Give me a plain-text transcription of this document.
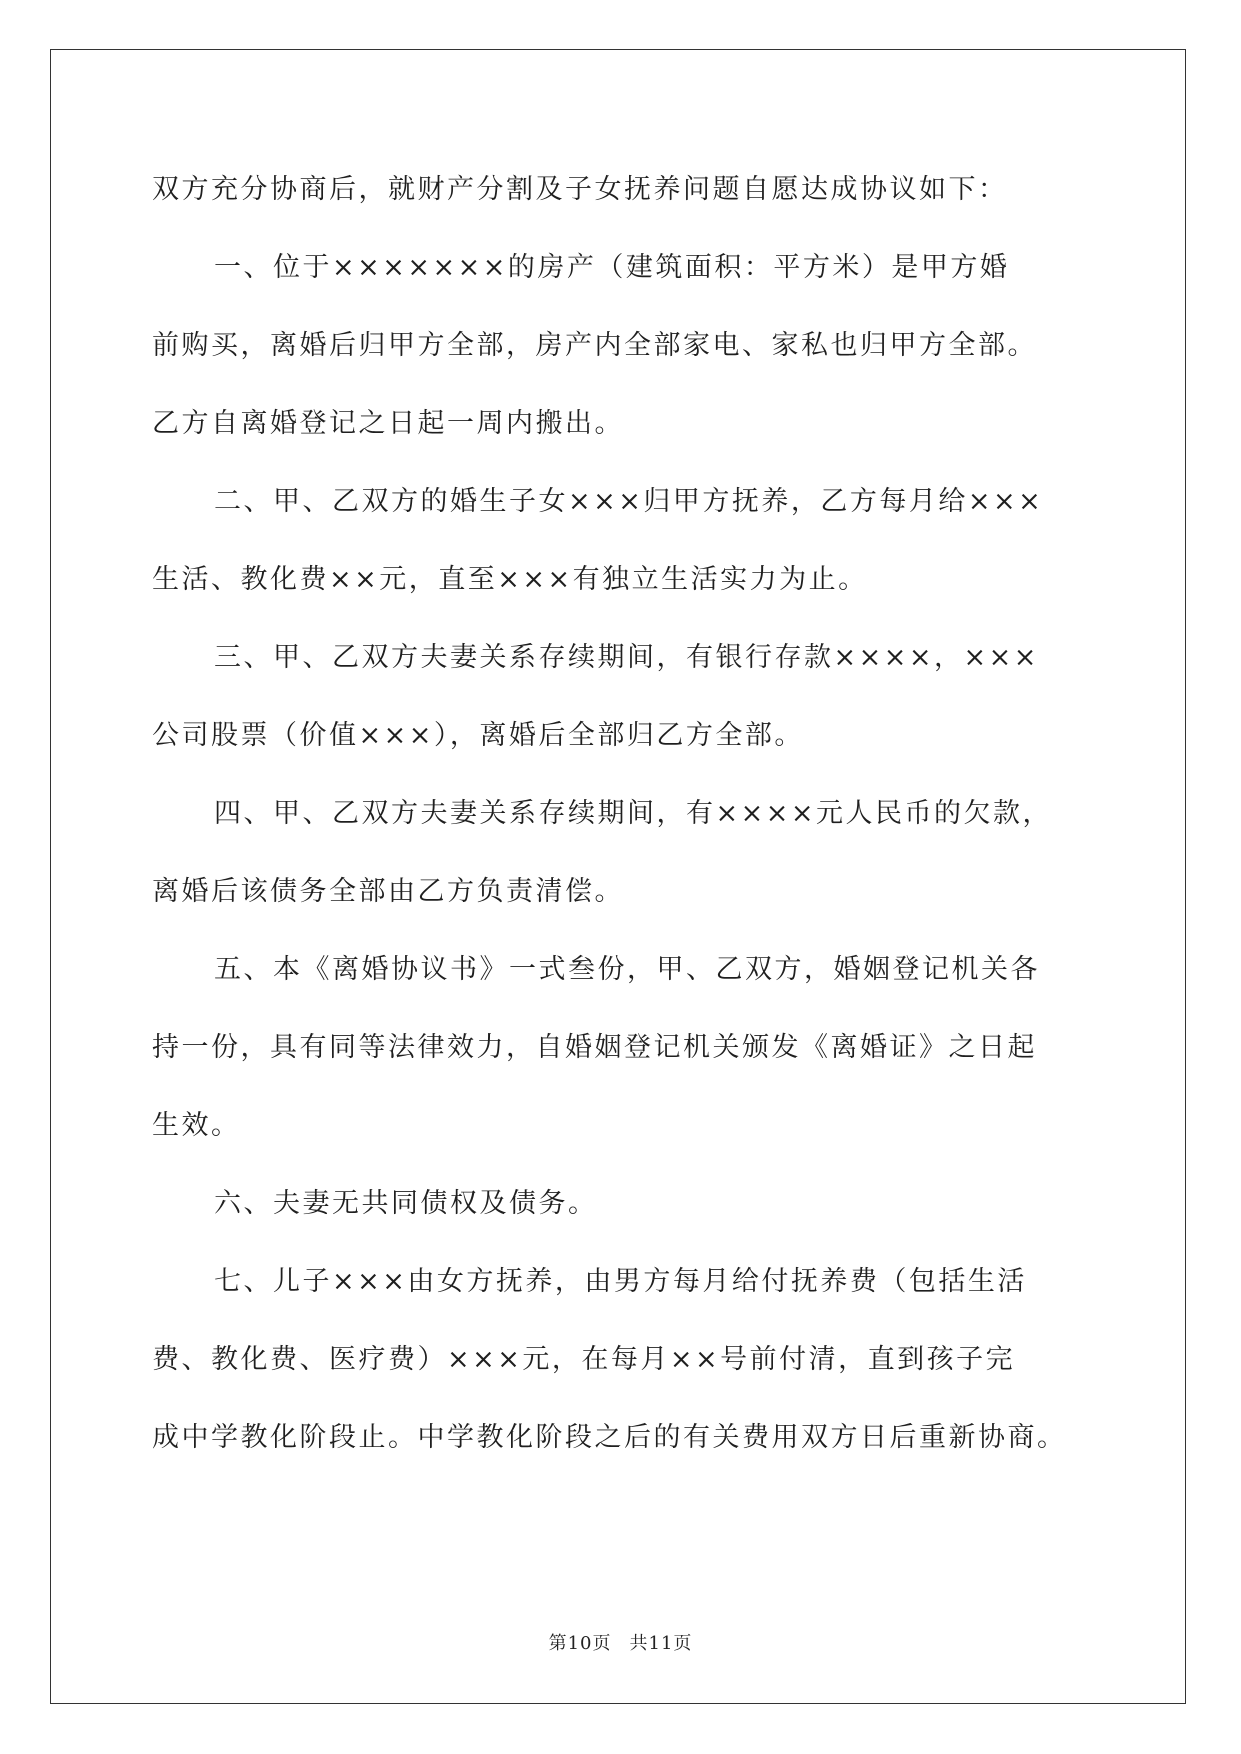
双方充分协商后，就财产分割及子女抚养问题自愿达成协议如下：
一、位于×××××××的房产（建筑面积：平方米）是甲方婚
前购买，离婚后归甲方全部，房产内全部家电、家私也归甲方全部。
乙方自离婚登记之日起一周内搬出。
二、甲、乙双方的婚生子女×××归甲方抚养，乙方每月给×××
生活、教化费××元，直至×××有独立生活实力为止。
三、甲、乙双方夫妻关系存续期间，有银行存款××××，×××
公司股票（价值×××），离婚后全部归乙方全部。
四、甲、乙双方夫妻关系存续期间，有××××元人民币的欠款，
离婚后该债务全部由乙方负责清偿。
五、本《离婚协议书》一式叁份，甲、乙双方，婚姻登记机关各
持一份，具有同等法律效力，自婚姻登记机关颁发《离婚证》之日起
生效。
六、夫妻无共同债权及债务。
七、儿子×××由女方抚养，由男方每月给付抚养费（包括生活
费、教化费、医疗费）×××元，在每月××号前付清，直到孩子完
成中学教化阶段止。中学教化阶段之后的有关费用双方日后重新协商。
第10页 共11页
